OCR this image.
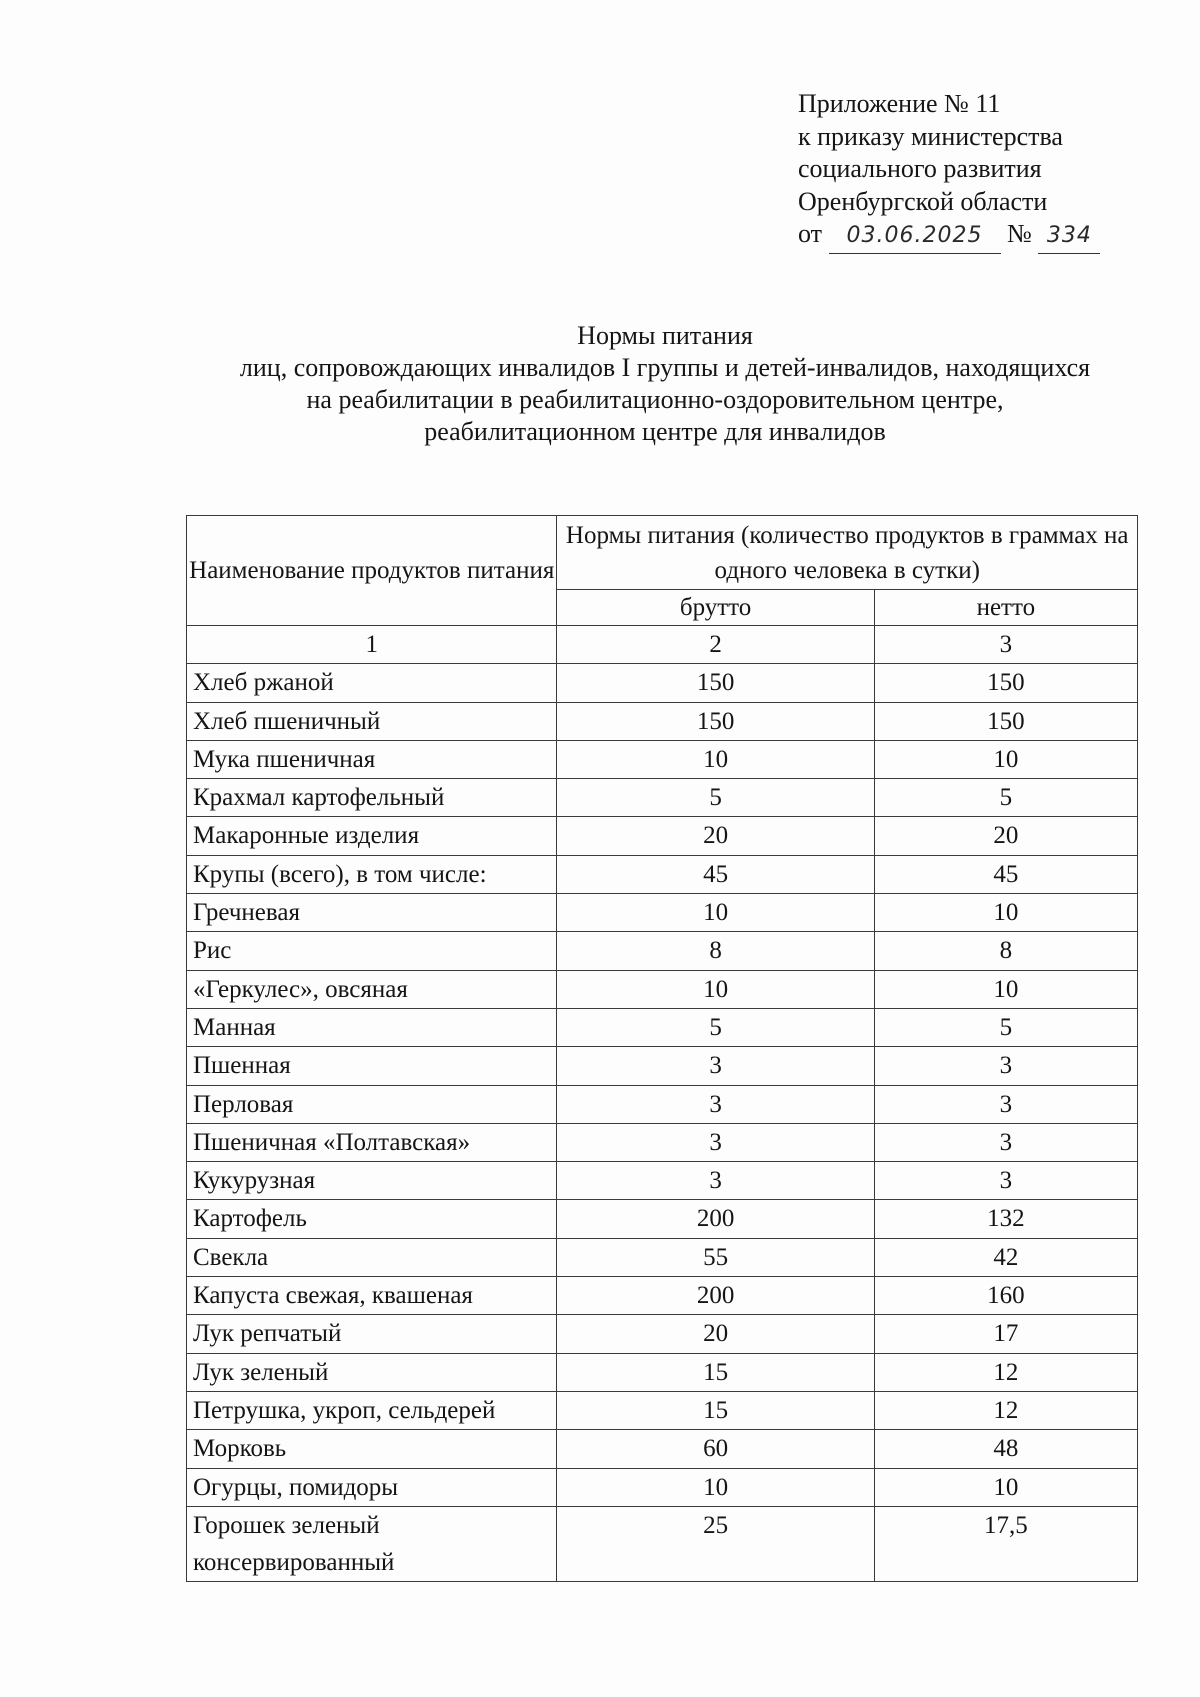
Приложение № 11
к приказу министерства
социального развития
Оренбургской области
от 03.06.2025 № 334
Нормы питания
лиц, сопровождающих инвалидов I группы и детей-инвалидов, находящихся
на реабилитации в реабилитационно-оздоровительном центре,
реабилитационном центре для инвалидов
Наименование продуктов питания	Нормы питания (количество продуктов в граммах на одного человека в сутки)	
	брутто	нетто
1	2	3
Хлеб ржаной	150	150
Хлеб пшеничный	150	150
Мука пшеничная	10	10
Крахмал картофельный	5	5
Макаронные изделия	20	20
Крупы (всего), в том числе:	45	45
Гречневая	10	10
Рис	8	8
«Геркулес», овсяная	10	10
Манная	5	5
Пшенная	3	3
Перловая	3	3
Пшеничная «Полтавская»	3	3
Кукурузная	3	3
Картофель	200	132
Свекла	55	42
Капуста свежая, квашеная	200	160
Лук репчатый	20	17
Лук зеленый	15	12
Петрушка, укроп, сельдерей	15	12
Морковь	60	48
Огурцы, помидоры	10	10
Горошек зеленый консервированный	25	17,5
